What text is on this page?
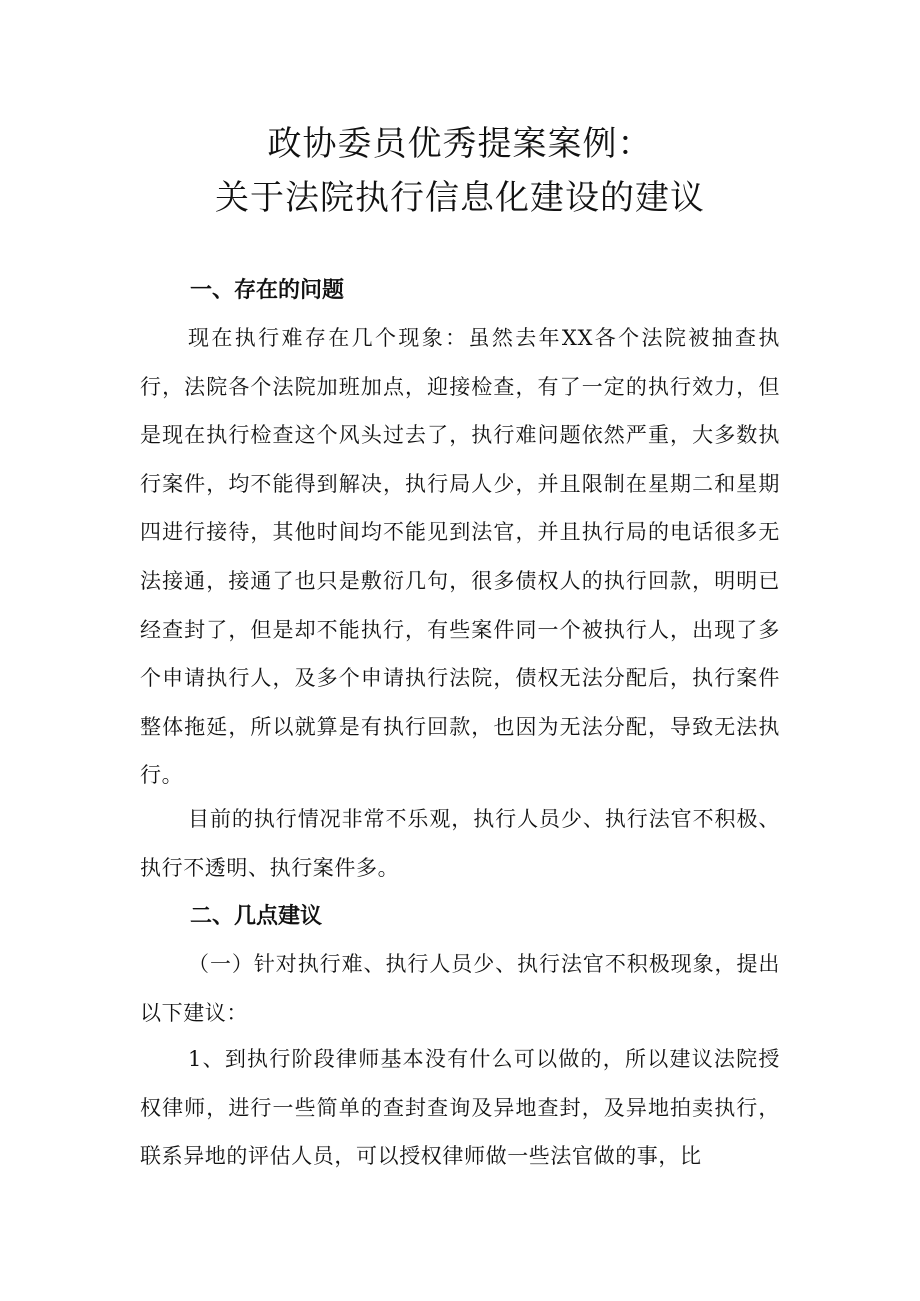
政协委员优秀提案案例：
关于法院执行信息化建设的建议
一、存在的问题

现在执行难存在几个现象：虽然去年XX各个法院被抽查执行，法院各个法院加班加点，迎接检查，有了一定的执行效力，但是现在执行检查这个风头过去了，执行难问题依然严重，大多数执行案件，均不能得到解决，执行局人少，并且限制在星期二和星期四进行接待，其他时间均不能见到法官，并且执行局的电话很多无法接通，接通了也只是敷衍几句，很多债权人的执行回款，明明已经查封了，但是却不能执行，有些案件同一个被执行人，出现了多个申请执行人，及多个申请执行法院，债权无法分配后，执行案件整体拖延，所以就算是有执行回款，也因为无法分配，导致无法执行。

目前的执行情况非常不乐观，执行人员少、执行法官不积极、执行不透明、执行案件多。

二、几点建议

（一）针对执行难、执行人员少、执行法官不积极现象，提出以下建议：

1、到执行阶段律师基本没有什么可以做的，所以建议法院授权律师，进行一些简单的查封查询及异地查封，及异地拍卖执行，联系异地的评估人员，可以授权律师做一些法官做的事，比
